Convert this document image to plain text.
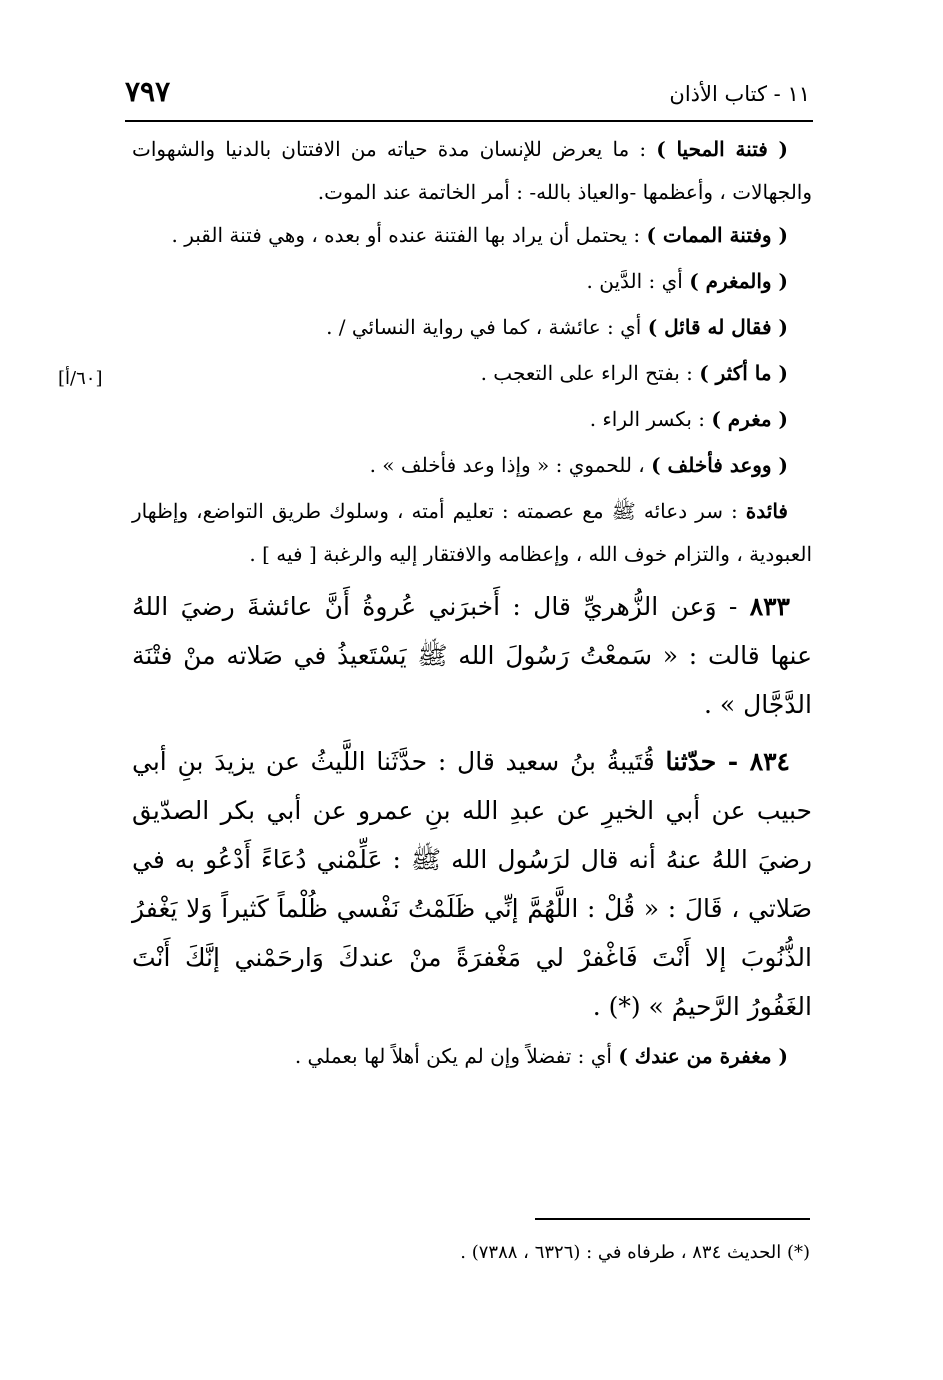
٧٩٧	١١ - كتاب الأذان
[٦٠/أ]

( فتنة المحيا ) : ما يعرض للإنسان مدة حياته من الافتتان بالدنيا والشهوات والجهالات ، وأعظمها -والعياذ بالله- : أمر الخاتمة عند الموت.

( وفتنة الممات ) : يحتمل أن يراد بها الفتنة عنده أو بعده ، وهي فتنة القبر .

( والمغرم ) أي : الدَّين .

( فقال له قائل ) أي : عائشة ، كما في رواية النسائي / .

( ما أكثر ) : بفتح الراء على التعجب .

( مغرم ) : بكسر الراء .

( ووعد فأخلف ) ، للحموي : « وإذا وعد فأخلف » .

فائدة : سر دعائه ﷺ مع عصمته : تعليم أمته ، وسلوك طريق التواضع، وإظهار العبودية ، والتزام خوف الله ، وإعظامه والافتقار إليه والرغبة [ فيه ] .

٨٣٣ - وَعن الزُّهريِّ قال : أَخبرَني عُروةُ أَنَّ عائشةَ رضيَ اللهُ عنها قالت : « سَمعْتُ رَسُولَ الله ﷺ يَسْتَعيذُ في صَلاته منْ فتْنَة الدَّجَّال » .

٨٣٤ - حدّثنا قُتَيبةُ بنُ سعيد قال : حدَّثَنا اللَّيثُ عن يزيدَ بنِ أبي حبيب عن أبي الخيرِ عن عبدِ الله بنِ عمرو عن أبي بكر الصدّيق رضيَ اللهُ عنهُ أنه قال لرَسُول الله ﷺ : عَلِّمْني دُعَاءً أَدْعُو به في صَلاتي ، قَالَ : « قُلْ : اللَّهُمَّ إنِّي ظَلَمْتُ نَفْسي ظُلْماً كَثيراً وَلا يَغْفرُ الذُّنُوبَ إلا أَنْتَ فَاغْفرْ لي مَغْفرَةً منْ عندكَ وَارحَمْني إنَّكَ أَنْتَ الغَفُورُ الرَّحيمُ » (*) .

( مغفرة من عندك ) أي : تفضلاً وإن لم يكن أهلاً لها بعملي .

(*) الحديث ٨٣٤ ، طرفاه في : (٦٣٢٦ ، ٧٣٨٨) .
